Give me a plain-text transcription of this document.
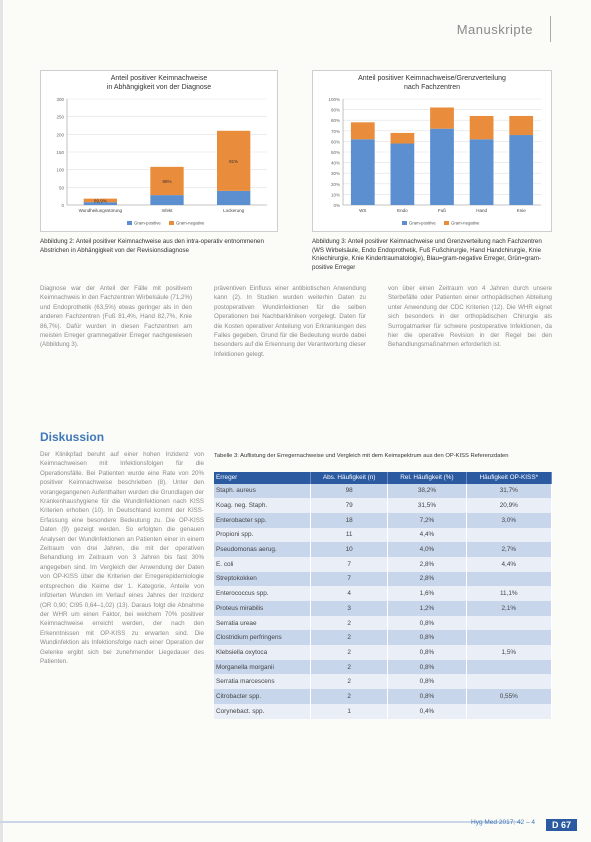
Manuskripte
Anteil positiver Keimnachweise
in Abhängigkeit von der Diagnose
0
50
100
150
200
250
300
89,9%
Wundheilungsstörung
88%
Infekt
81%
Lockerung
Gram-positive	Gram-negative
Abbildung 2: Anteil positiver Keimnachweise aus den intra-operativ entnommenen Abstrichen in Abhängigkeit von der Revisionsdiagnose
Anteil positiver Keimnachweise/Grenzverteilung
nach Fachzentren
0%
10%
20%
30%
40%
50%
60%
70%
80%
90%
100%
WS	Endo	Fuß	Hand	Knie
Gram-positive	Gram-negative
Abbildung 3: Anteil positiver Keimnachweise und Grenzverteilung nach Fachzentren (WS Wirbelsäule, Endo Endoprothetik, Fuß Fußchirurgie, Hand Handchirurgie, Knie Kniechirurgie, Knie Kindertraumatologie), Blau=gram-negative Erreger, Grün=gram-positive Erreger
Diagnose war der Anteil der Fälle mit positivem Keimnachweis in den Fachzentren Wirbelsäule (71,2%) und Endoprothetik (63,5%) etwas geringer als in den anderen Fachzentren (Fuß 81,4%, Hand 82,7%, Knie 86,7%). Dafür wurden in diesen Fachzentren am meisten Erreger gramnegativer Erreger nachgewiesen (Abbildung 3).
präventiven Einfluss einer antibiotischen Anwendung kann (2). In Studien wurden weiterhin Daten zu postoperativen Wundinfektionen für die selben Operationen bei Nachbarkliniken vorgelegt. Daten für die Kosten operativer Anteilung von Erkrankungen des Falles gegeben. Grund für die Bedeutung wurde dabei besonders auf die Erkennung der Verantwortung dieser Infektionen gelegt.
von über einen Zeitraum von 4 Jahren durch unsere Sterbefälle oder Patienten einer orthopädischen Abteilung unter Anwendung der CDC Kriterien (12). Die WHR eignet sich besonders in der orthopädischen Chirurgie als Surrogatmarker für schwere postoperative Infektionen, da hier die operative Revision in der Regel bei den Behandlungsmaßnahmen erforderlich ist.
Diskussion
Der Klinikpfad beruht auf einer hohen Inzidenz von Keimnachweisen mit Infektionsfolgen für die Operationsfälle. Bei Patienten wurde eine Rate von 20% positiver Keimnachweise beschrieben (8). Unter den vorangegangenen Aufenthalten wurden die Grundlagen der Krankenhaushygiene für die Wundinfektionen nach KISS Kriterien erhoben (10). In Deutschland kommt der KISS-Erfassung eine besondere Bedeutung zu. Die OP-KISS Daten (9) gezeigt werden. So erfolgten die genauen Analysen der Wundinfektionen an Patienten einer in einem Zeitraum von drei Jahren, die mit der operativen Behandlung im Zeitraum von 3 Jahren bis fast 30% angegeben sind. Im Vergleich der Anwendung der Daten von OP-KISS über die Kriterien der Erregerepidemiologie entsprechen die Keime der 1. Kategorie, Anteile von infizierten Wunden im Verlauf eines Jahres der Inzidenz (OR 0,90; CI95 0,64–1,02) (13). Daraus folgt die Abnahme der WHR um einen Faktor, bei welchem 70% positiver Keimnachweise erreicht werden, der nach den Erkenntnissen mit OP-KISS zu erwarten sind. Die Wundinfektion als Infektionsfolge nach einer Operation der Gelenke ergibt sich bei zunehmender Liegedauer des Patienten.
Tabelle 3: Auflistung der Erregernachweise und Vergleich mit dem Keimspektrum aus den OP-KISS Referenzdaten
Erreger	Abs. Häufigkeit (n)	Rel. Häufigkeit (%)	Häufigkeit OP-KISS*
Staph. aureus	98	38,2%	31,7%
Koag. neg. Staph.	79	31,5%	20,9%
Enterobacter spp.	18	7,2%	3,0%
Propioni spp.	11	4,4%	
Pseudomonas aerug.	10	4,0%	2,7%
E. coli	7	2,8%	4,4%
Streptokokken	7	2,8%	
Enterococcus spp.	4	1,6%	11,1%
Proteus mirabilis	3	1,2%	2,1%
Serratia ureae	2	0,8%	
Clostridium perfringens	2	0,8%	
Klebsiella oxytoca	2	0,8%	1,5%
Morganella morganii	2	0,8%	
Serratia marcescens	2	0,8%	
Citrobacter spp.	2	0,8%	0,55%
Corynebact. spp.	1	0,4%	
Hyg Med 2017; 42 – 4	D 67
